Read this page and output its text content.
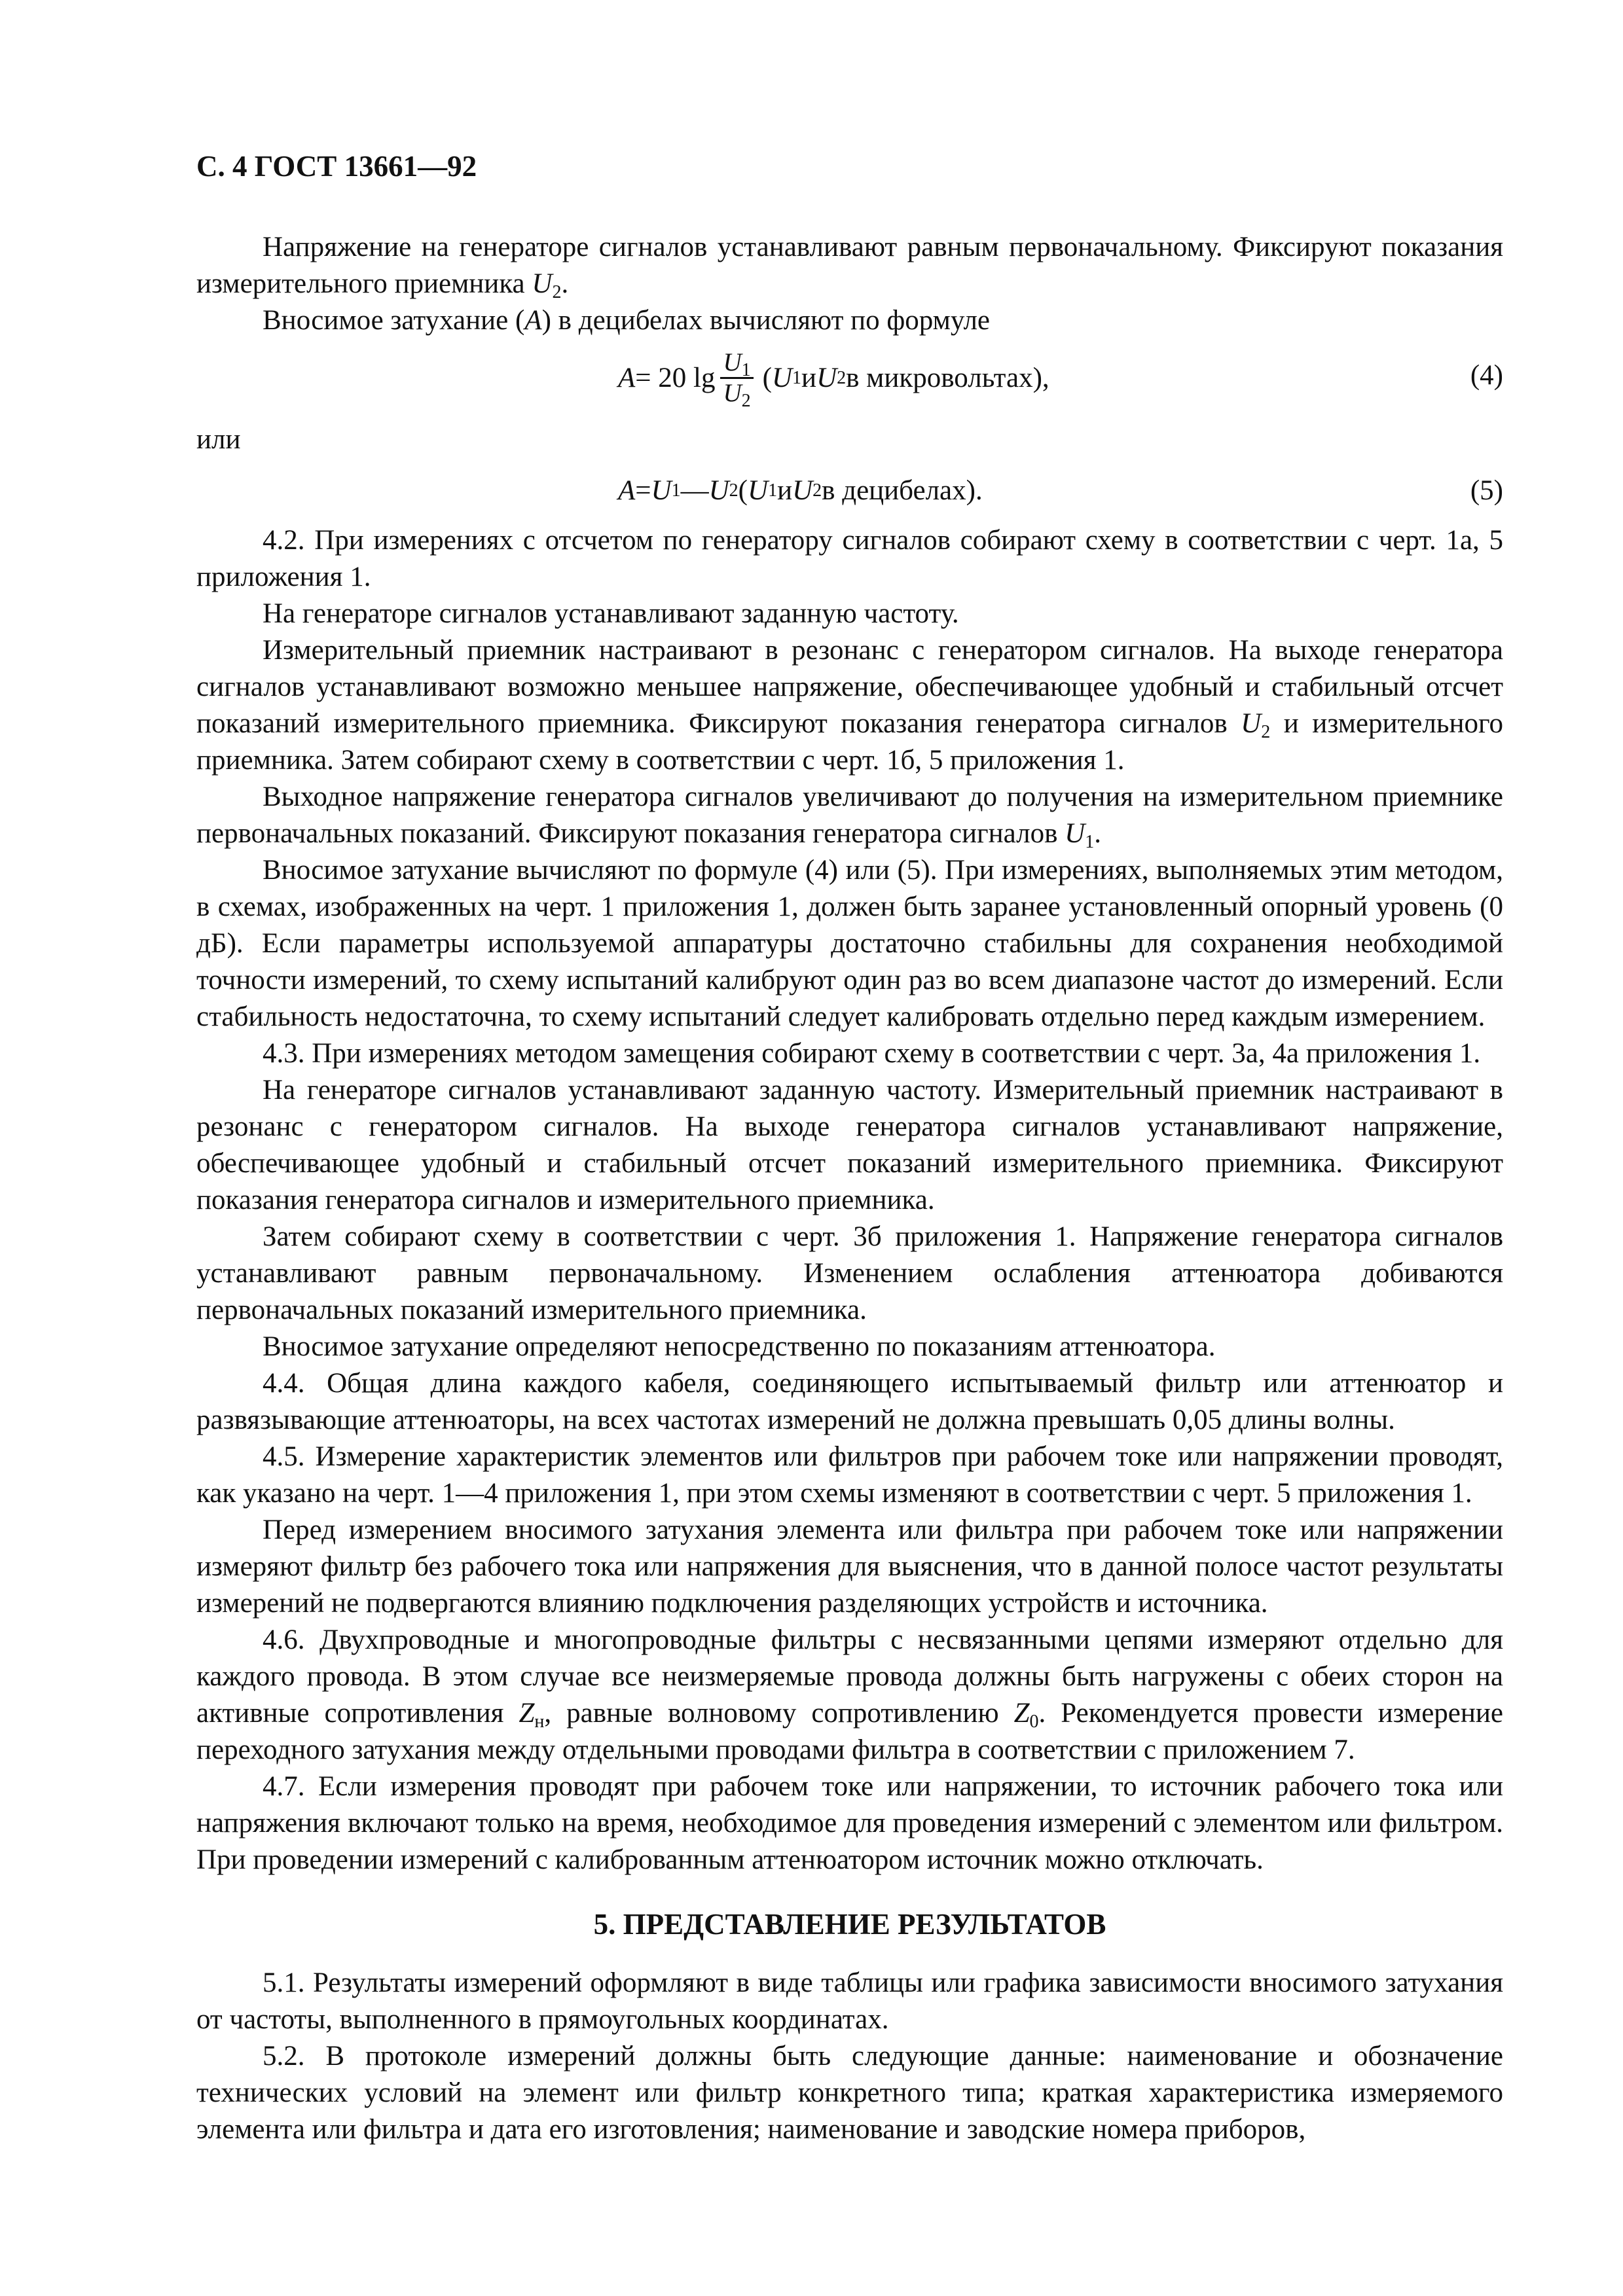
С. 4 ГОСТ 13661—92

Напряжение на генераторе сигналов устанавливают равным первоначальному. Фиксируют показания измерительного приемника $U_2$.

Вносимое затухание (A) в децибелах вычисляют по формуле

A = 20 $\lg \frac{U_1}{U_2}$ ( U 1 и U 2 в микровольтах),	(4)

или

A = U 1 — U 2 ( U 1 и U 2 в децибелах).	(5)

4.2. При измерениях с отсчетом по генератору сигналов собирают схему в соответствии с черт. 1а, 5 приложения 1.

На генераторе сигналов устанавливают заданную частоту.

Измерительный приемник настраивают в резонанс с генератором сигналов. На выходе генератора сигналов устанавливают возможно меньшее напряжение, обеспечивающее удобный и стабильный отсчет показаний измерительного приемника. Фиксируют показания генератора сигналов $U_2$ и измерительного приемника. Затем собирают схему в соответствии с черт. 1б, 5 приложения 1.

Выходное напряжение генератора сигналов увеличивают до получения на измерительном приемнике первоначальных показаний. Фиксируют показания генератора сигналов $U_1$.

Вносимое затухание вычисляют по формуле (4) или (5). При измерениях, выполняемых этим методом, в схемах, изображенных на черт. 1 приложения 1, должен быть заранее установленный опорный уровень (0 дБ). Если параметры используемой аппаратуры достаточно стабильны для сохранения необходимой точности измерений, то схему испытаний калибруют один раз во всем диапазоне частот до измерений. Если стабильность недостаточна, то схему испытаний следует калибровать отдельно перед каждым измерением.

4.3. При измерениях методом замещения собирают схему в соответствии с черт. 3а, 4а приложения 1.

На генераторе сигналов устанавливают заданную частоту. Измерительный приемник настраивают в резонанс с генератором сигналов. На выходе генератора сигналов устанавливают напряжение, обеспечивающее удобный и стабильный отсчет показаний измерительного приемника. Фиксируют показания генератора сигналов и измерительного приемника.

Затем собирают схему в соответствии с черт. 3б приложения 1. Напряжение генератора сигналов устанавливают равным первоначальному. Изменением ослабления аттенюатора добиваются первоначальных показаний измерительного приемника.

Вносимое затухание определяют непосредственно по показаниям аттенюатора.

4.4. Общая длина каждого кабеля, соединяющего испытываемый фильтр или аттенюатор и развязывающие аттенюаторы, на всех частотах измерений не должна превышать 0,05 длины волны.

4.5. Измерение характеристик элементов или фильтров при рабочем токе или напряжении проводят, как указано на черт. 1—4 приложения 1, при этом схемы изменяют в соответствии с черт. 5 приложения 1.

Перед измерением вносимого затухания элемента или фильтра при рабочем токе или напряжении измеряют фильтр без рабочего тока или напряжения для выяснения, что в данной полосе частот результаты измерений не подвергаются влиянию подключения разделяющих устройств и источника.

4.6. Двухпроводные и многопроводные фильтры с несвязанными цепями измеряют отдельно для каждого провода. В этом случае все неизмеряемые провода должны быть нагружены с обеих сторон на активные сопротивления $Z_н$, равные волновому сопротивлению $Z_0$. Рекомендуется провести измерение переходного затухания между отдельными проводами фильтра в соответствии с приложением 7.

4.7. Если измерения проводят при рабочем токе или напряжении, то источник рабочего тока или напряжения включают только на время, необходимое для проведения измерений с элементом или фильтром. При проведении измерений с калиброванным аттенюатором источник можно отключать.

5. ПРЕДСТАВЛЕНИЕ РЕЗУЛЬТАТОВ

5.1. Результаты измерений оформляют в виде таблицы или графика зависимости вносимого затухания от частоты, выполненного в прямоугольных координатах.

5.2. В протоколе измерений должны быть следующие данные: наименование и обозначение технических условий на элемент или фильтр конкретного типа; краткая характеристика измеряемого элемента или фильтра и дата его изготовления; наименование и заводские номера приборов,
